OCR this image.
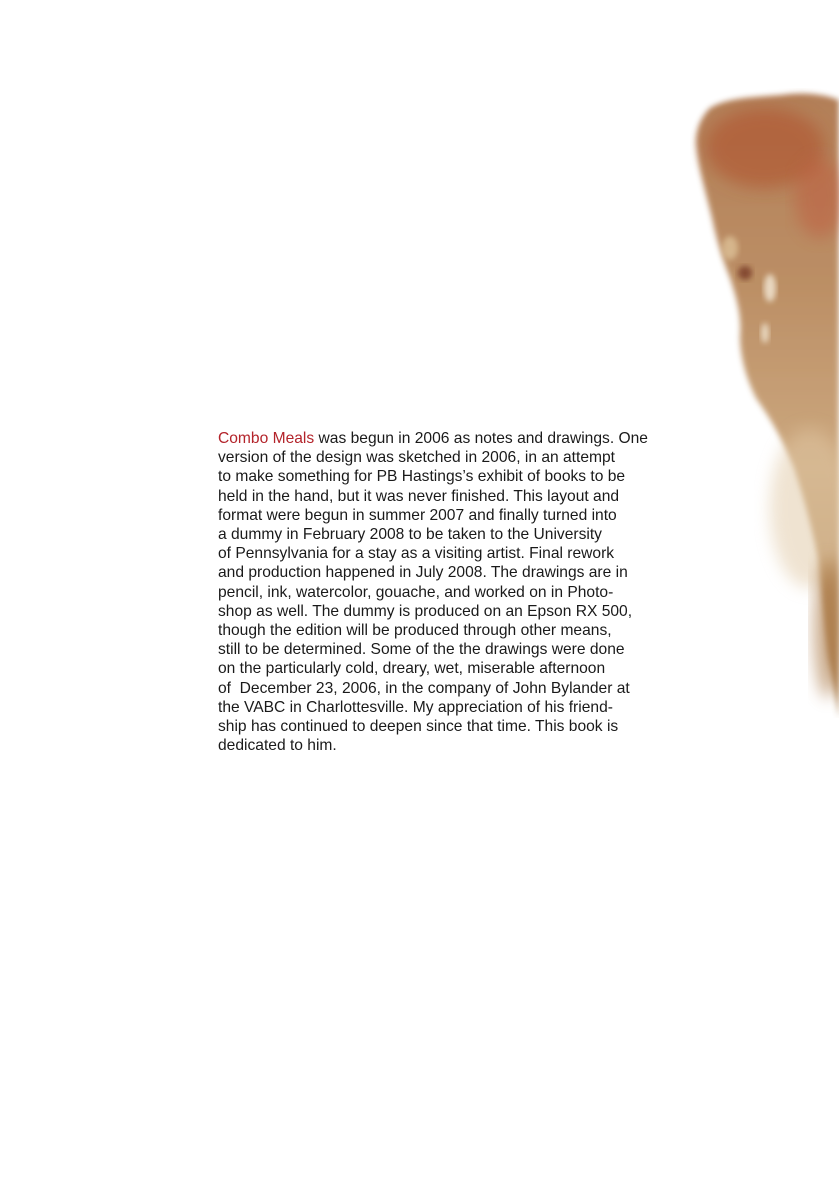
Combo Meals was begun in 2006 as notes and drawings. One
version of the design was sketched in 2006, in an attempt
to make something for PB Hastings’s exhibit of books to be
held in the hand, but it was never finished. This layout and
format were begun in summer 2007 and finally turned into
a dummy in February 2008 to be taken to the University
of Pennsylvania for a stay as a visiting artist. Final rework
and production happened in July 2008. The drawings are in
pencil, ink, watercolor, gouache, and worked on in Photo-
shop as well. The dummy is produced on an Epson RX 500,
though the edition will be produced through other means,
still to be determined. Some of the the drawings were done
on the particularly cold, dreary, wet, miserable afternoon
of  December 23, 2006, in the company of John Bylander at
the VABC in Charlottesville. My appreciation of his friend-
ship has continued to deepen since that time. This book is
dedicated to him.
